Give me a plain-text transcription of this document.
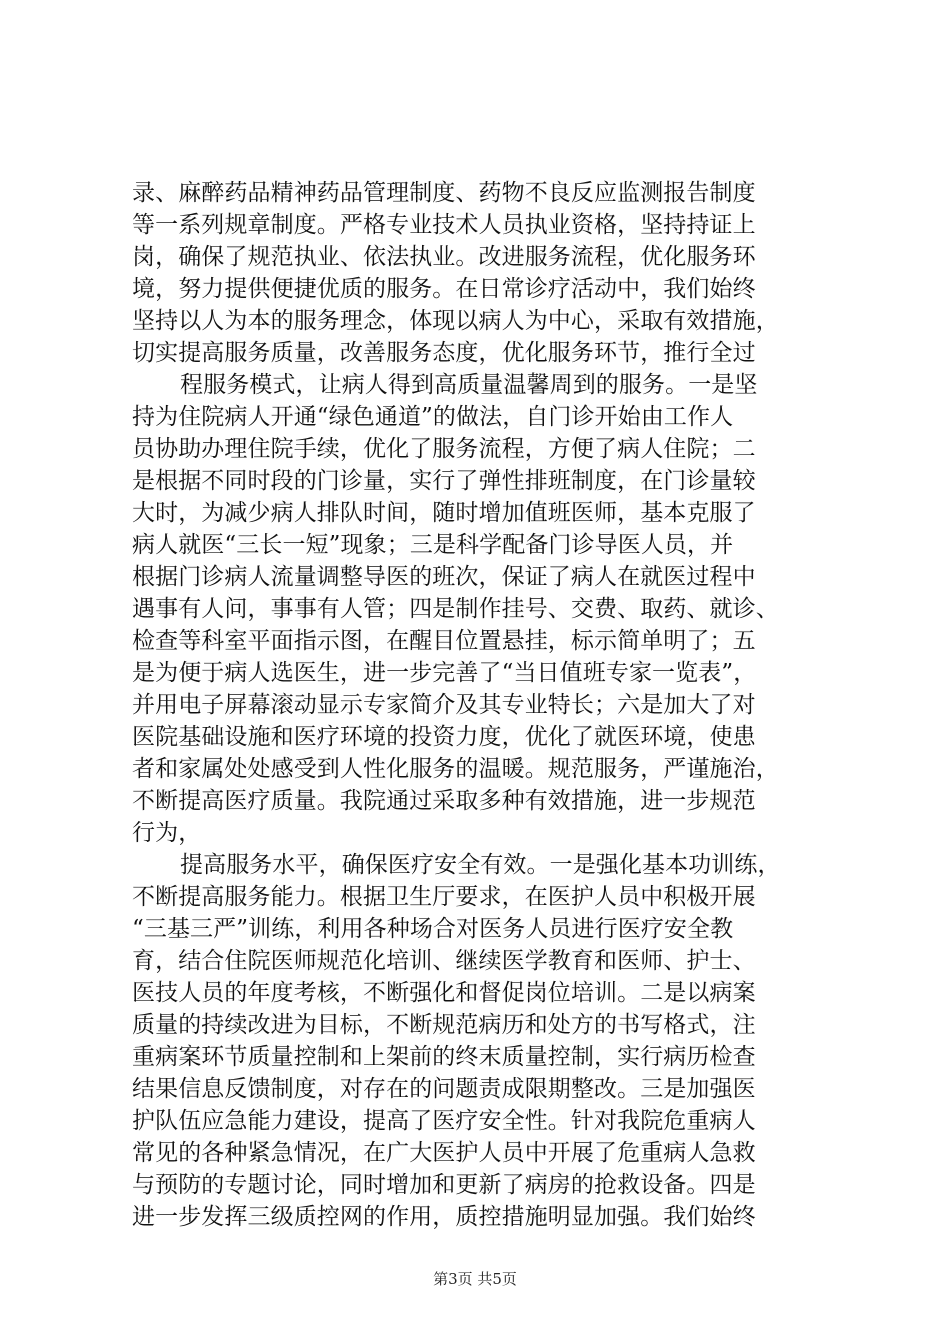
录、麻醉药品精神药品管理制度、药物不良反应监测报告制度
等一系列规章制度。严格专业技术人员执业资格，坚持持证上
岗，确保了规范执业、依法执业。改进服务流程，优化服务环
境，努力提供便捷优质的服务。在日常诊疗活动中，我们始终
坚持以人为本的服务理念，体现以病人为中心，采取有效措施，
切实提高服务质量，改善服务态度，优化服务环节，推行全过
程服务模式，让病人得到高质量温馨周到的服务。一是坚
持为住院病人开通“绿色通道”的做法，自门诊开始由工作人
员协助办理住院手续，优化了服务流程，方便了病人住院；二
是根据不同时段的门诊量，实行了弹性排班制度，在门诊量较
大时，为减少病人排队时间，随时增加值班医师，基本克服了
病人就医“三长一短”现象；三是科学配备门诊导医人员，并
根据门诊病人流量调整导医的班次，保证了病人在就医过程中
遇事有人问，事事有人管；四是制作挂号、交费、取药、就诊、
检查等科室平面指示图，在醒目位置悬挂，标示简单明了；五
是为便于病人选医生，进一步完善了“当日值班专家一览表”，
并用电子屏幕滚动显示专家简介及其专业特长；六是加大了对
医院基础设施和医疗环境的投资力度，优化了就医环境，使患
者和家属处处感受到人性化服务的温暖。规范服务，严谨施治，
不断提高医疗质量。我院通过采取多种有效措施，进一步规范
行为，
提高服务水平，确保医疗安全有效。一是强化基本功训练，
不断提高服务能力。根据卫生厅要求，在医护人员中积极开展
“三基三严”训练，利用各种场合对医务人员进行医疗安全教
育，结合住院医师规范化培训、继续医学教育和医师、护士、
医技人员的年度考核，不断强化和督促岗位培训。二是以病案
质量的持续改进为目标，不断规范病历和处方的书写格式，注
重病案环节质量控制和上架前的终末质量控制，实行病历检查
结果信息反馈制度，对存在的问题责成限期整改。三是加强医
护队伍应急能力建设，提高了医疗安全性。针对我院危重病人
常见的各种紧急情况，在广大医护人员中开展了危重病人急救
与预防的专题讨论，同时增加和更新了病房的抢救设备。四是
进一步发挥三级质控网的作用，质控措施明显加强。我们始终
第3页 共5页
